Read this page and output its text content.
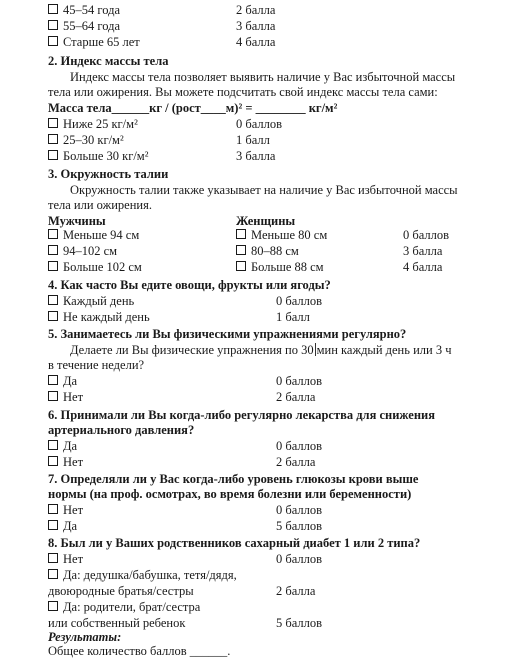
45–54 года	2 балла
55–64 года	3 балла
Старше 65 лет	4 балла
2. Индекс массы тела
Индекс массы тела позволяет выявить наличие у Вас избыточной массы
тела или ожирения. Вы можете подсчитать свой индекс массы тела сами:
Масса тела______кг / (рост____м)² = ________ кг/м²
Ниже 25 кг/м²	0 баллов
25–30 кг/м²	1 балл
Больше 30 кг/м²	3 балла
3. Окружность талии
Окружность талии также указывает на наличие у Вас избыточной массы
тела или ожирения.
Мужчины	Женщины
Меньше 94 см	Меньше 80 см	0 баллов
94–102 см	80–88 см	3 балла
Больше 102 см	Больше 88 см	4 балла
4. Как часто Вы едите овощи, фрукты или ягоды?
Каждый день	0 баллов
Не каждый день	1 балл
5. Занимаетесь ли Вы физическими упражнениями регулярно?
Делаете ли Вы физические упражнения по 30 мин каждый день или 3 ч
в течение недели?
Да	0 баллов
Нет	2 балла
6. Принимали ли Вы когда-либо регулярно лекарства для снижения
артериального давления?
Да	0 баллов
Нет	2 балла
7. Определяли ли у Вас когда-либо уровень глюкозы крови выше
нормы (на проф. осмотрах, во время болезни или беременности)
Нет	0 баллов
Да	5 баллов
8. Был ли у Ваших родственников сахарный диабет 1 или 2 типа?
Нет	0 баллов
Да: дедушка/бабушка, тетя/дядя,
двоюродные братья/сестры	2 балла
Да: родители, брат/сестра
или собственный ребенок	5 баллов
Результаты:
Общее количество баллов ______.
